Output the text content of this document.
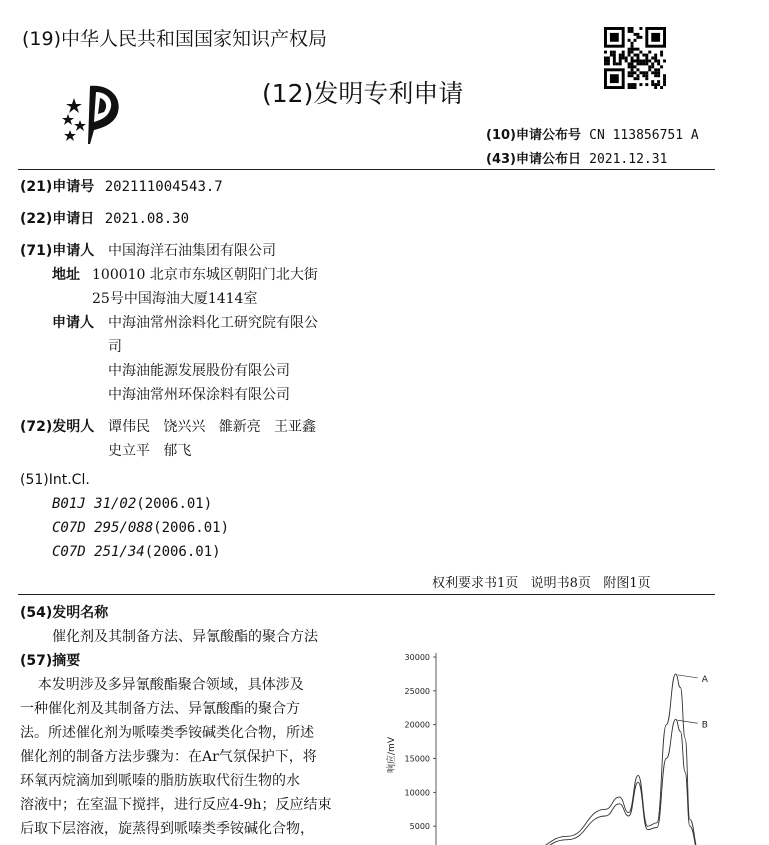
(19)中华人民共和国国家知识产权局
(12)发明专利申请
(10)申请公布号 CN 113856751 A
(43)申请公布日 2021.12.31
(21)申请号 202111004543.7
(22)申请日 2021.08.30
(71)申请人 中国海洋石油集团有限公司
地址 100010 北京市东城区朝阳门北大街
25号中国海油大厦1414室
申请人 中海油常州涂料化工研究院有限公
司
中海油能源发展股份有限公司
中海油常州环保涂料有限公司
(72)发明人 谭伟民   饶兴兴   雒新亮   王亚鑫
史立平   郁飞
(51)Int.Cl.
B01J 31/02(2006.01)
C07D 295/088(2006.01)
C07D 251/34(2006.01)
权利要求书1页   说明书8页   附图1页
(54)发明名称
催化剂及其制备方法、异氰酸酯的聚合方法
(57)摘要
本发明涉及多异氰酸酯聚合领域，具体涉及
一种催化剂及其制备方法、异氰酸酯的聚合方
法。所述催化剂为哌嗪类季铵碱类化合物，所述
催化剂的制备方法步骤为：在Ar气氛保护下，将
环氧丙烷滴加到哌嗪的脂肪族取代衍生物的水
溶液中；在室温下搅拌，进行反应4-9h；反应结束
后取下层溶液，旋蒸得到哌嗪类季铵碱化合物，
响应/mV
30000
25000
20000
15000
10000
5000
A
B
